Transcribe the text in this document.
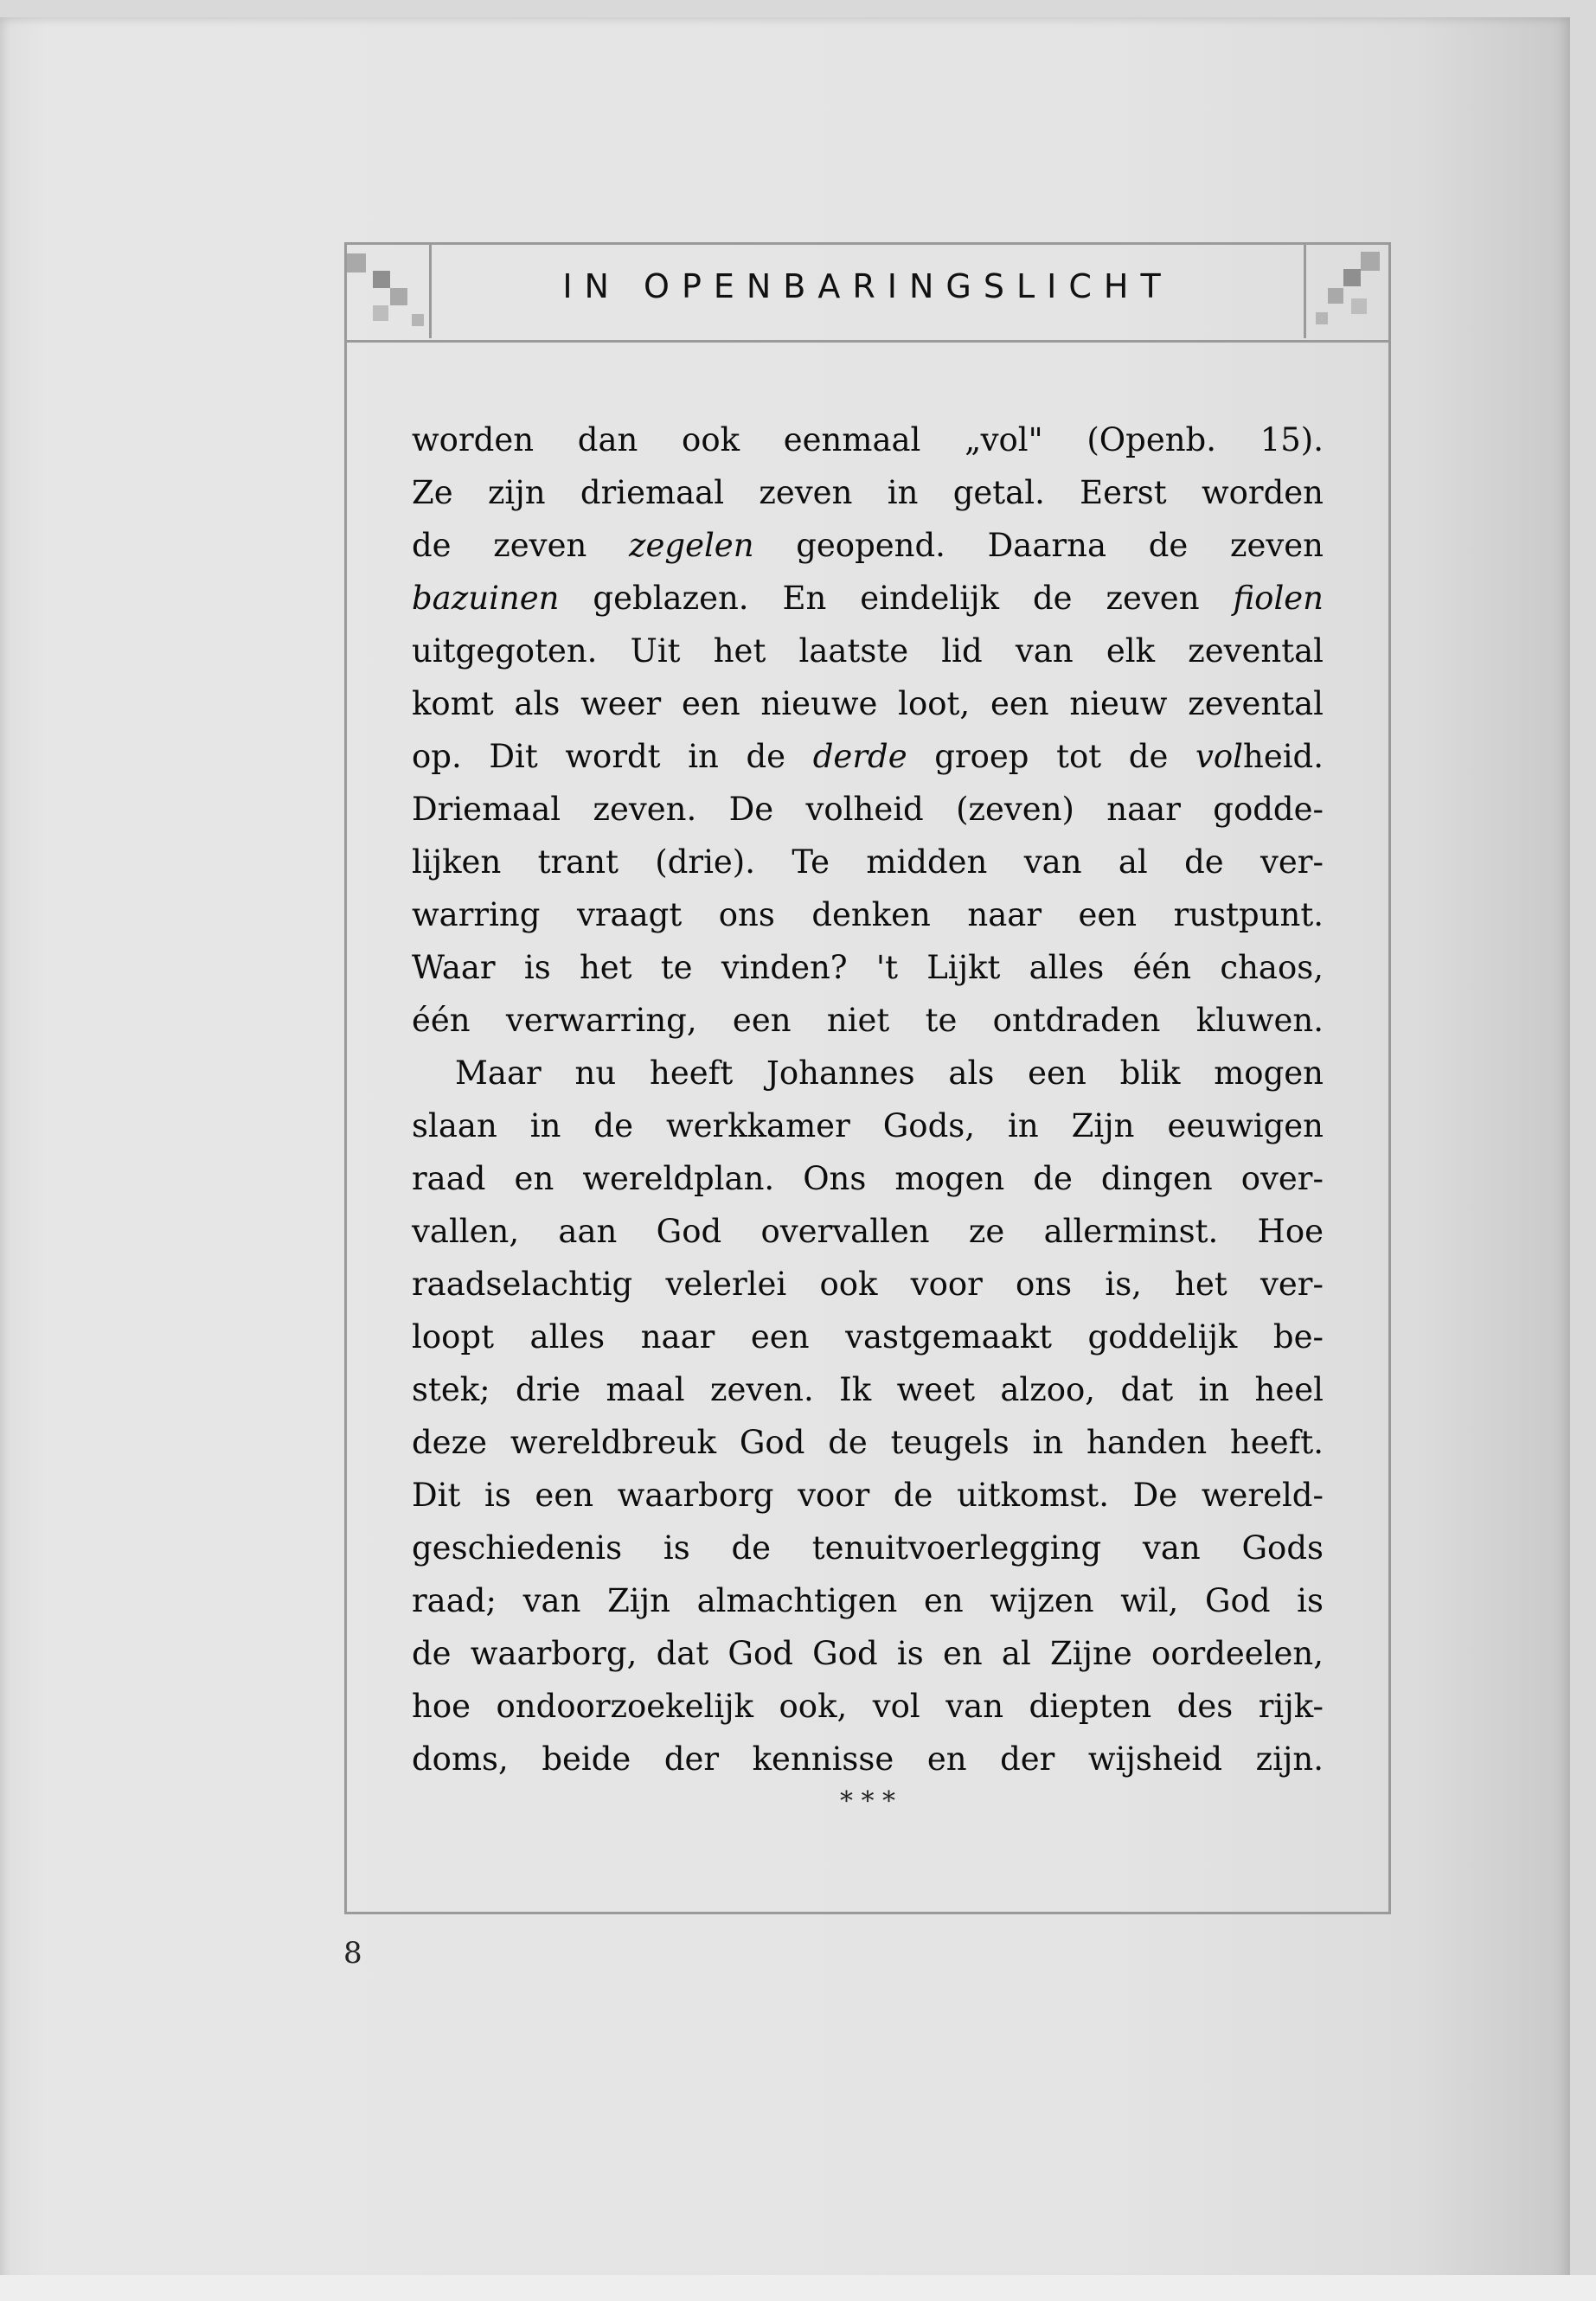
IN OPENBARINGSLICHT
worden dan ook eenmaal „vol" (Openb. 15).
Ze zijn driemaal zeven in getal. Eerst worden
de zeven zegelen geopend. Daarna de zeven
bazuinen geblazen. En eindelijk de zeven fiolen
uitgegoten. Uit het laatste lid van elk zevental
komt als weer een nieuwe loot, een nieuw zevental
op. Dit wordt in de derde groep tot de volheid.
Driemaal zeven. De volheid (zeven) naar godde-
lijken trant (drie). Te midden van al de ver-
warring vraagt ons denken naar een rustpunt.
Waar is het te vinden? 't Lijkt alles één chaos,
één verwarring, een niet te ontdraden kluwen.
Maar nu heeft Johannes als een blik mogen
slaan in de werkkamer Gods, in Zijn eeuwigen
raad en wereldplan. Ons mogen de dingen over-
vallen, aan God overvallen ze allerminst. Hoe
raadselachtig velerlei ook voor ons is, het ver-
loopt alles naar een vastgemaakt goddelijk be-
stek; drie maal zeven. Ik weet alzoo, dat in heel
deze wereldbreuk God de teugels in handen heeft.
Dit is een waarborg voor de uitkomst. De wereld-
geschiedenis is de tenuitvoerlegging van Gods
raad; van Zijn almachtigen en wijzen wil, God is
de waarborg, dat God God is en al Zijne oordeelen,
hoe ondoorzoekelijk ook, vol van diepten des rijk-
doms, beide der kennisse en der wijsheid zijn.
* * *
8
